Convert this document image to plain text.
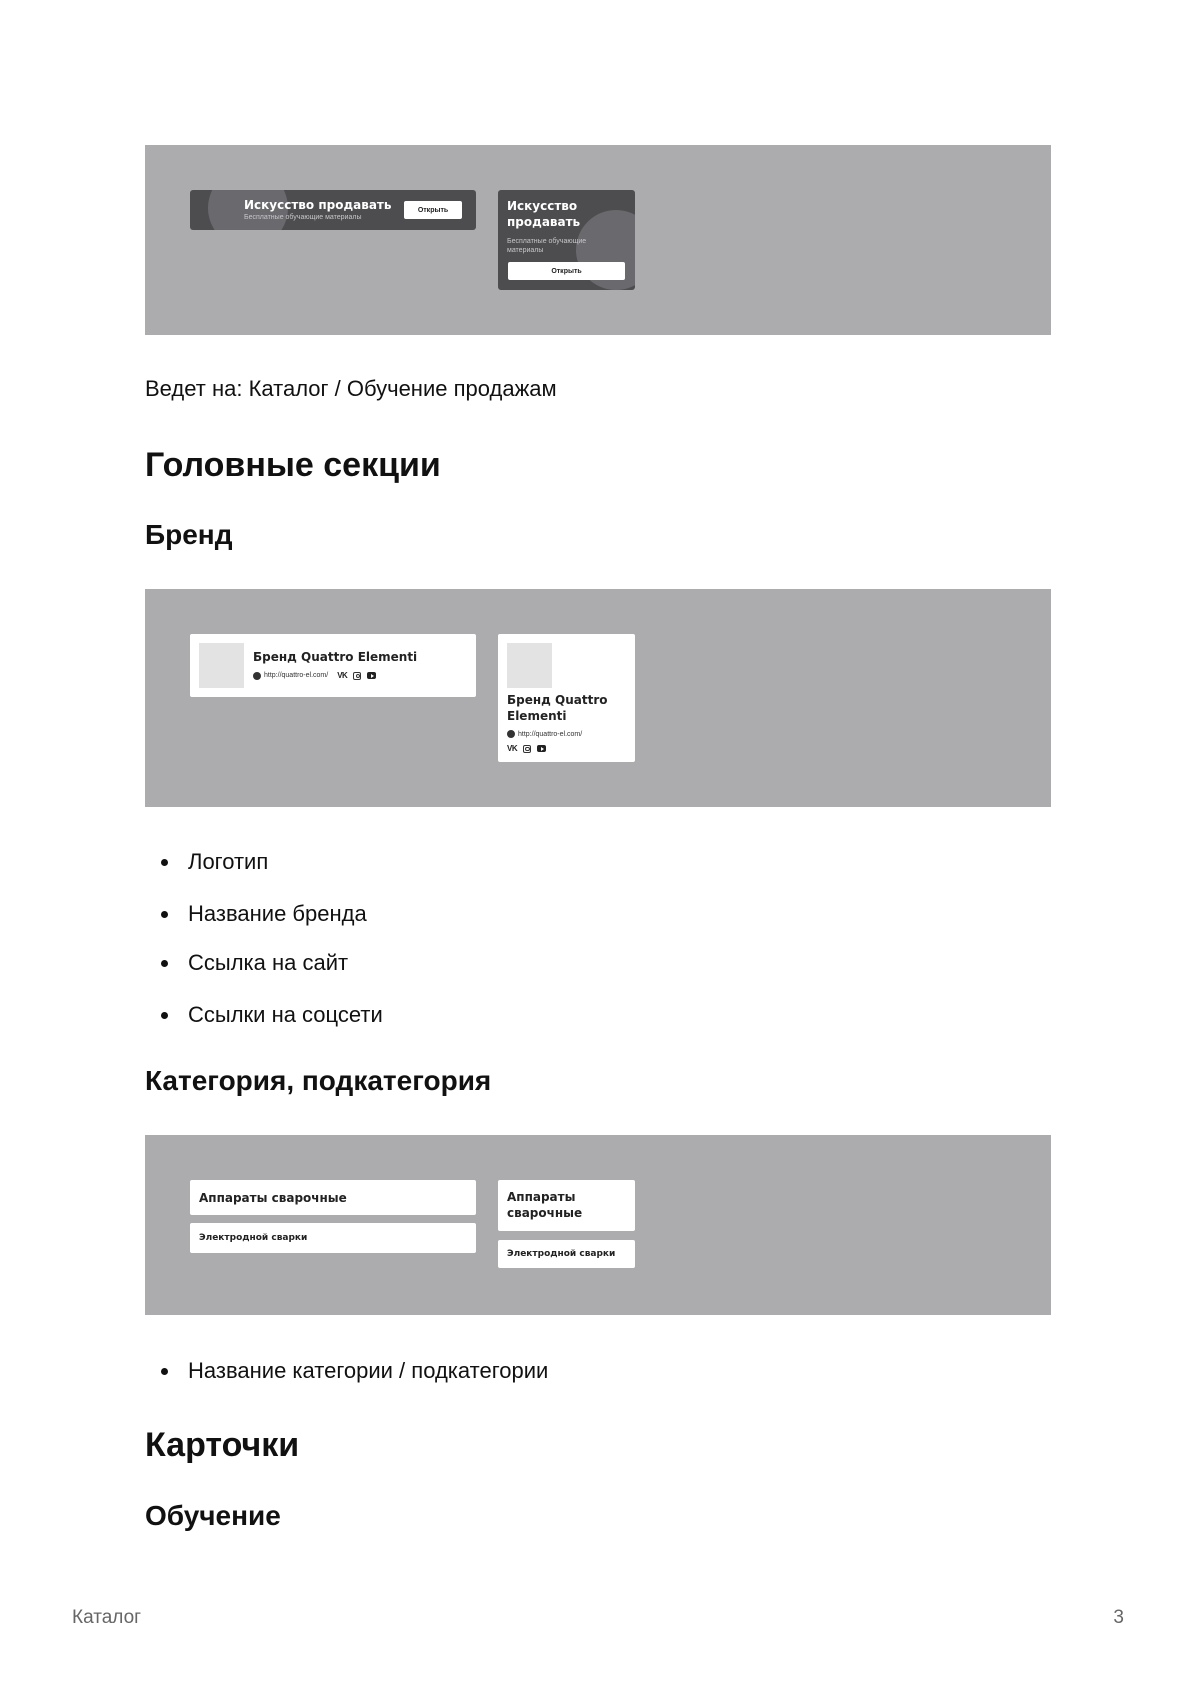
Искусство продавать
Бесплатные обучающие материалы
Открыть	Искусство
продавать
Бесплатные обучающие
материалы
Открыть
Ведет на: Каталог / Обучение продажам
Головные секции
Бренд
Бренд Quattro Elementi
http://quattro-el.com/ VK
Бренд Quattro
Elementi
http://quattro-el.com/
VK
Логотип
Название бренда
Ссылка на сайт
Ссылки на соцсети
Категория, подкатегория
Аппараты сварочные
Электродной сварки
Аппараты
сварочные
Электродной сварки
Название категории / подкатегории
Карточки
Обучение
Каталог	3
